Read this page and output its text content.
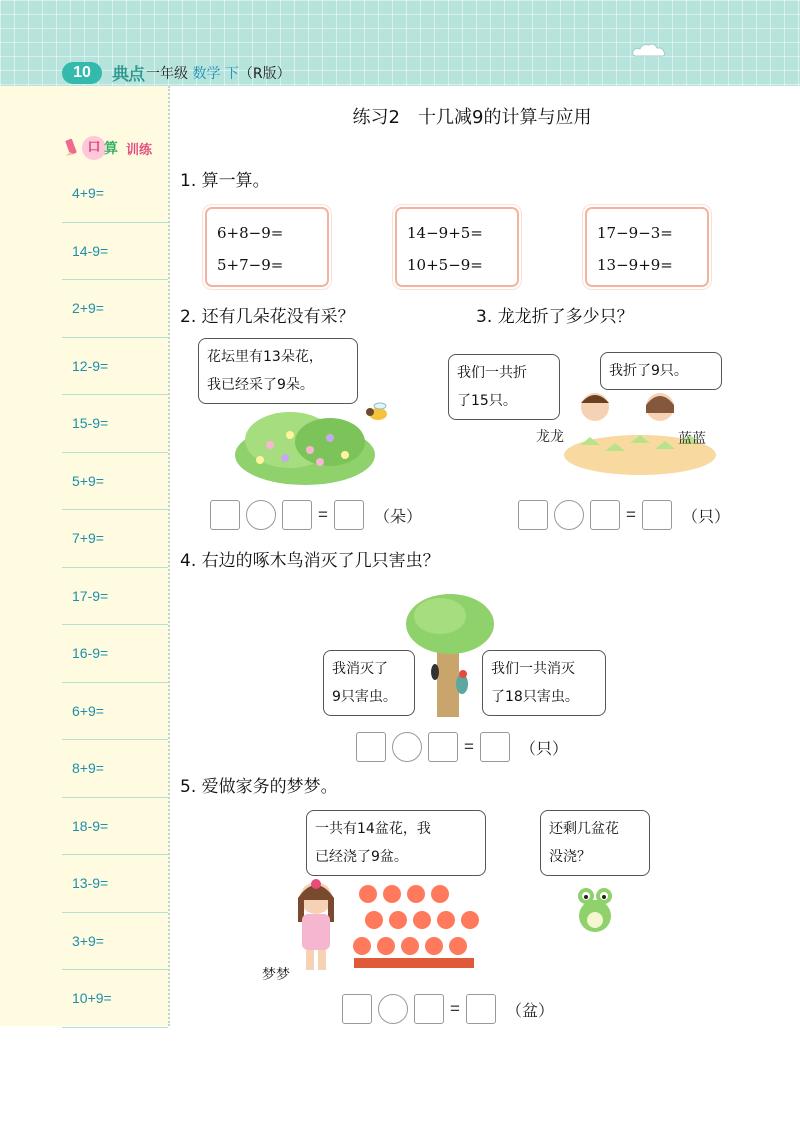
10	典点 一年级 数学 下（R版）
口 算 训练
4+9=
14-9=
2+9=
12-9=
15-9=
5+9=
7+9=
17-9=
16-9=
6+9=
8+9=
18-9=
13-9=
3+9=
10+9=
练习2　十几减9的计算与应用
1. 算一算。
6+8−9=
5+7−9=
14−9+5=
10+5−9=
17−9−3=
13−9+9=
2. 还有几朵花没有采？
花坛里有13朵花，
我已经采了9朵。
=	（朵）
3. 龙龙折了多少只？
我们一共折
了15只。
我折了9只。
龙龙	蓝蓝
=	（只）
4. 右边的啄木鸟消灭了几只害虫？
我消灭了
9只害虫。
我们一共消灭
了18只害虫。
=	（只）
5. 爱做家务的梦梦。
一共有14盆花，我
已经浇了9盆。
还剩几盆花
没浇？
梦梦
=	（盆）
